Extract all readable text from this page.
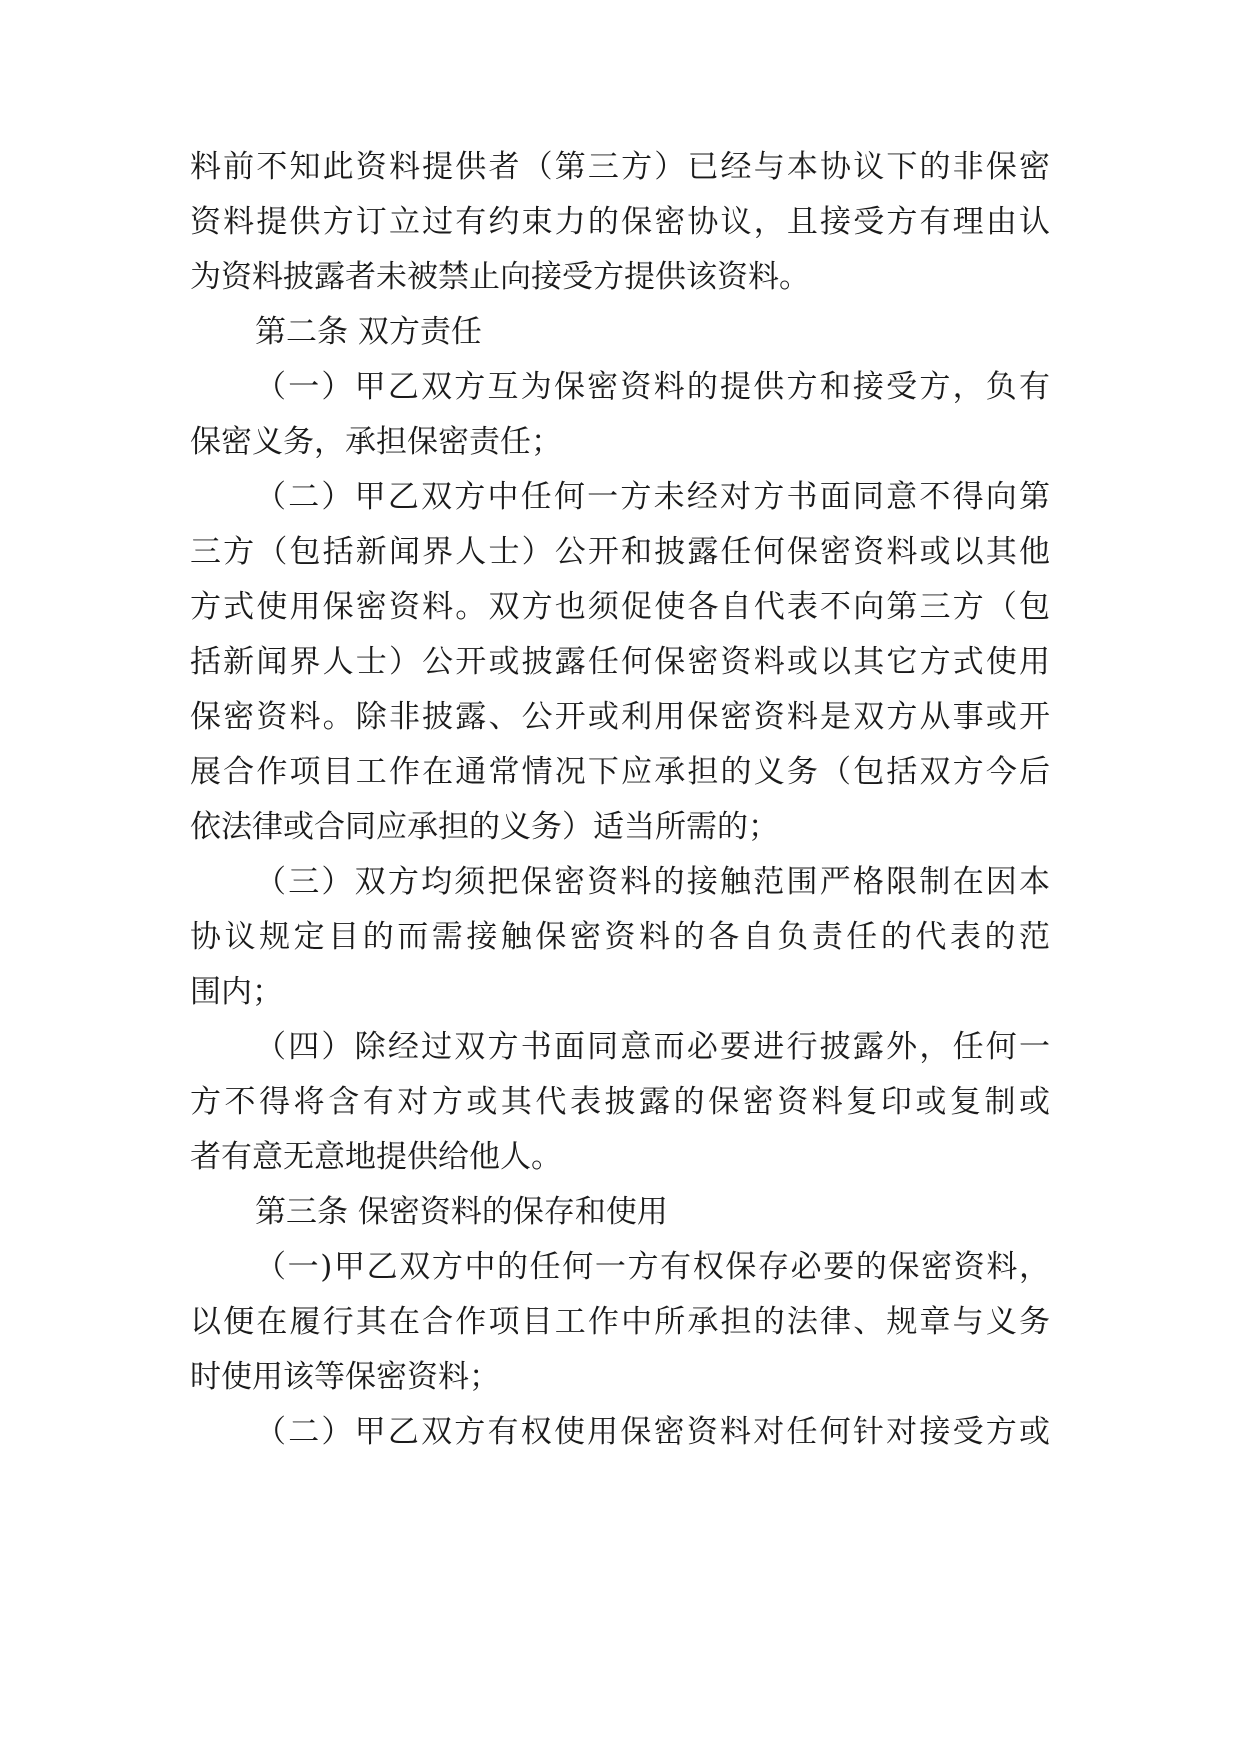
料前不知此资料提供者（第三方）已经与本协议下的非保密
资料提供方订立过有约束力的保密协议，且接受方有理由认
为资料披露者未被禁止向接受方提供该资料。
第二条 双方责任
（一）甲乙双方互为保密资料的提供方和接受方，负有
保密义务，承担保密责任；
（二）甲乙双方中任何一方未经对方书面同意不得向第
三方（包括新闻界人士）公开和披露任何保密资料或以其他
方式使用保密资料。双方也须促使各自代表不向第三方（包
括新闻界人士）公开或披露任何保密资料或以其它方式使用
保密资料。除非披露、公开或利用保密资料是双方从事或开
展合作项目工作在通常情况下应承担的义务（包括双方今后
依法律或合同应承担的义务）适当所需的；
（三）双方均须把保密资料的接触范围严格限制在因本
协议规定目的而需接触保密资料的各自负责任的代表的范
围内；
（四）除经过双方书面同意而必要进行披露外，任何一
方不得将含有对方或其代表披露的保密资料复印或复制或
者有意无意地提供给他人。
第三条 保密资料的保存和使用
（一)甲乙双方中的任何一方有权保存必要的保密资料，
以便在履行其在合作项目工作中所承担的法律、规章与义务
时使用该等保密资料；
（二）甲乙双方有权使用保密资料对任何针对接受方或
